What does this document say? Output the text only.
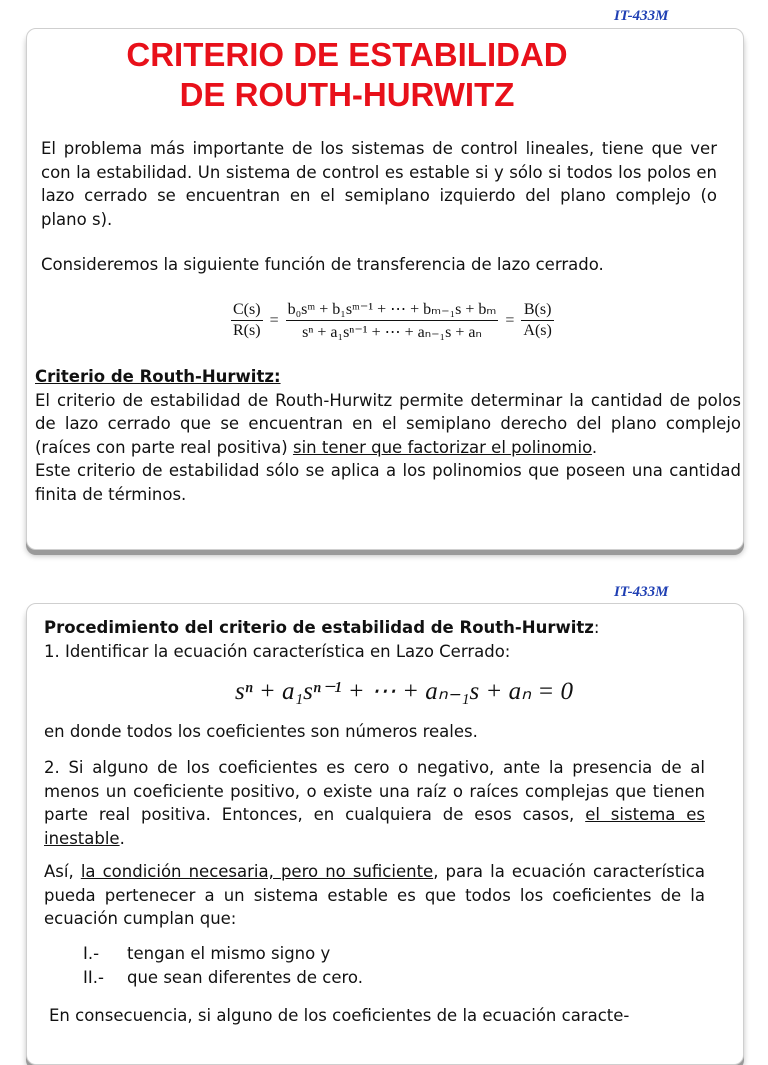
IT-433M
CRITERIO DE ESTABILIDAD
DE ROUTH-HURWITZ

El problema más importante de los sistemas de control lineales, tiene que ver con la estabilidad. Un sistema de control es estable si y sólo si todos los polos en lazo cerrado se encuentran en el semiplano izquierdo del plano complejo (o plano s).

Consideremos la siguiente función de transferencia de lazo cerrado.

$\frac{C(s)}{R(s)} = \frac{\text{b₀sᵐ + b₁sᵐ⁻¹ + ⋯ + bₘ₋₁s + bₘ}}{\text{sⁿ + a₁sⁿ⁻¹ + ⋯ + aₙ₋₁s + aₙ}} = \frac{B(s)}{A(s)}$
Criterio de Routh-Hurwitz:
El criterio de estabilidad de Routh-Hurwitz permite determinar la cantidad de polos de lazo cerrado que se encuentran en el semiplano derecho del plano complejo (raíces con parte real positiva) sin tener que factorizar el polinomio.
Este criterio de estabilidad sólo se aplica a los polinomios que poseen una cantidad finita de términos.
IT-433M

Procedimiento del criterio de estabilidad de Routh-Hurwitz:
1. Identificar la ecuación característica en Lazo Cerrado:

sⁿ + a₁sⁿ⁻¹ + ⋯ + aₙ₋₁s + aₙ = 0

en donde todos los coeficientes son números reales.

2. Si alguno de los coeficientes es cero o negativo, ante la presencia de al menos un coeficiente positivo, o existe una raíz o raíces complejas que tienen parte real positiva. Entonces, en cualquiera de esos casos, el sistema es inestable.

Así, la condición necesaria, pero no suficiente, para la ecuación característica pueda pertenecer a un sistema estable es que todos los coeficientes de la ecuación cumplan que:

I.- tengan el mismo signo y
II.- que sean diferentes de cero.

En consecuencia, si alguno de los coeficientes de la ecuación caracte-
